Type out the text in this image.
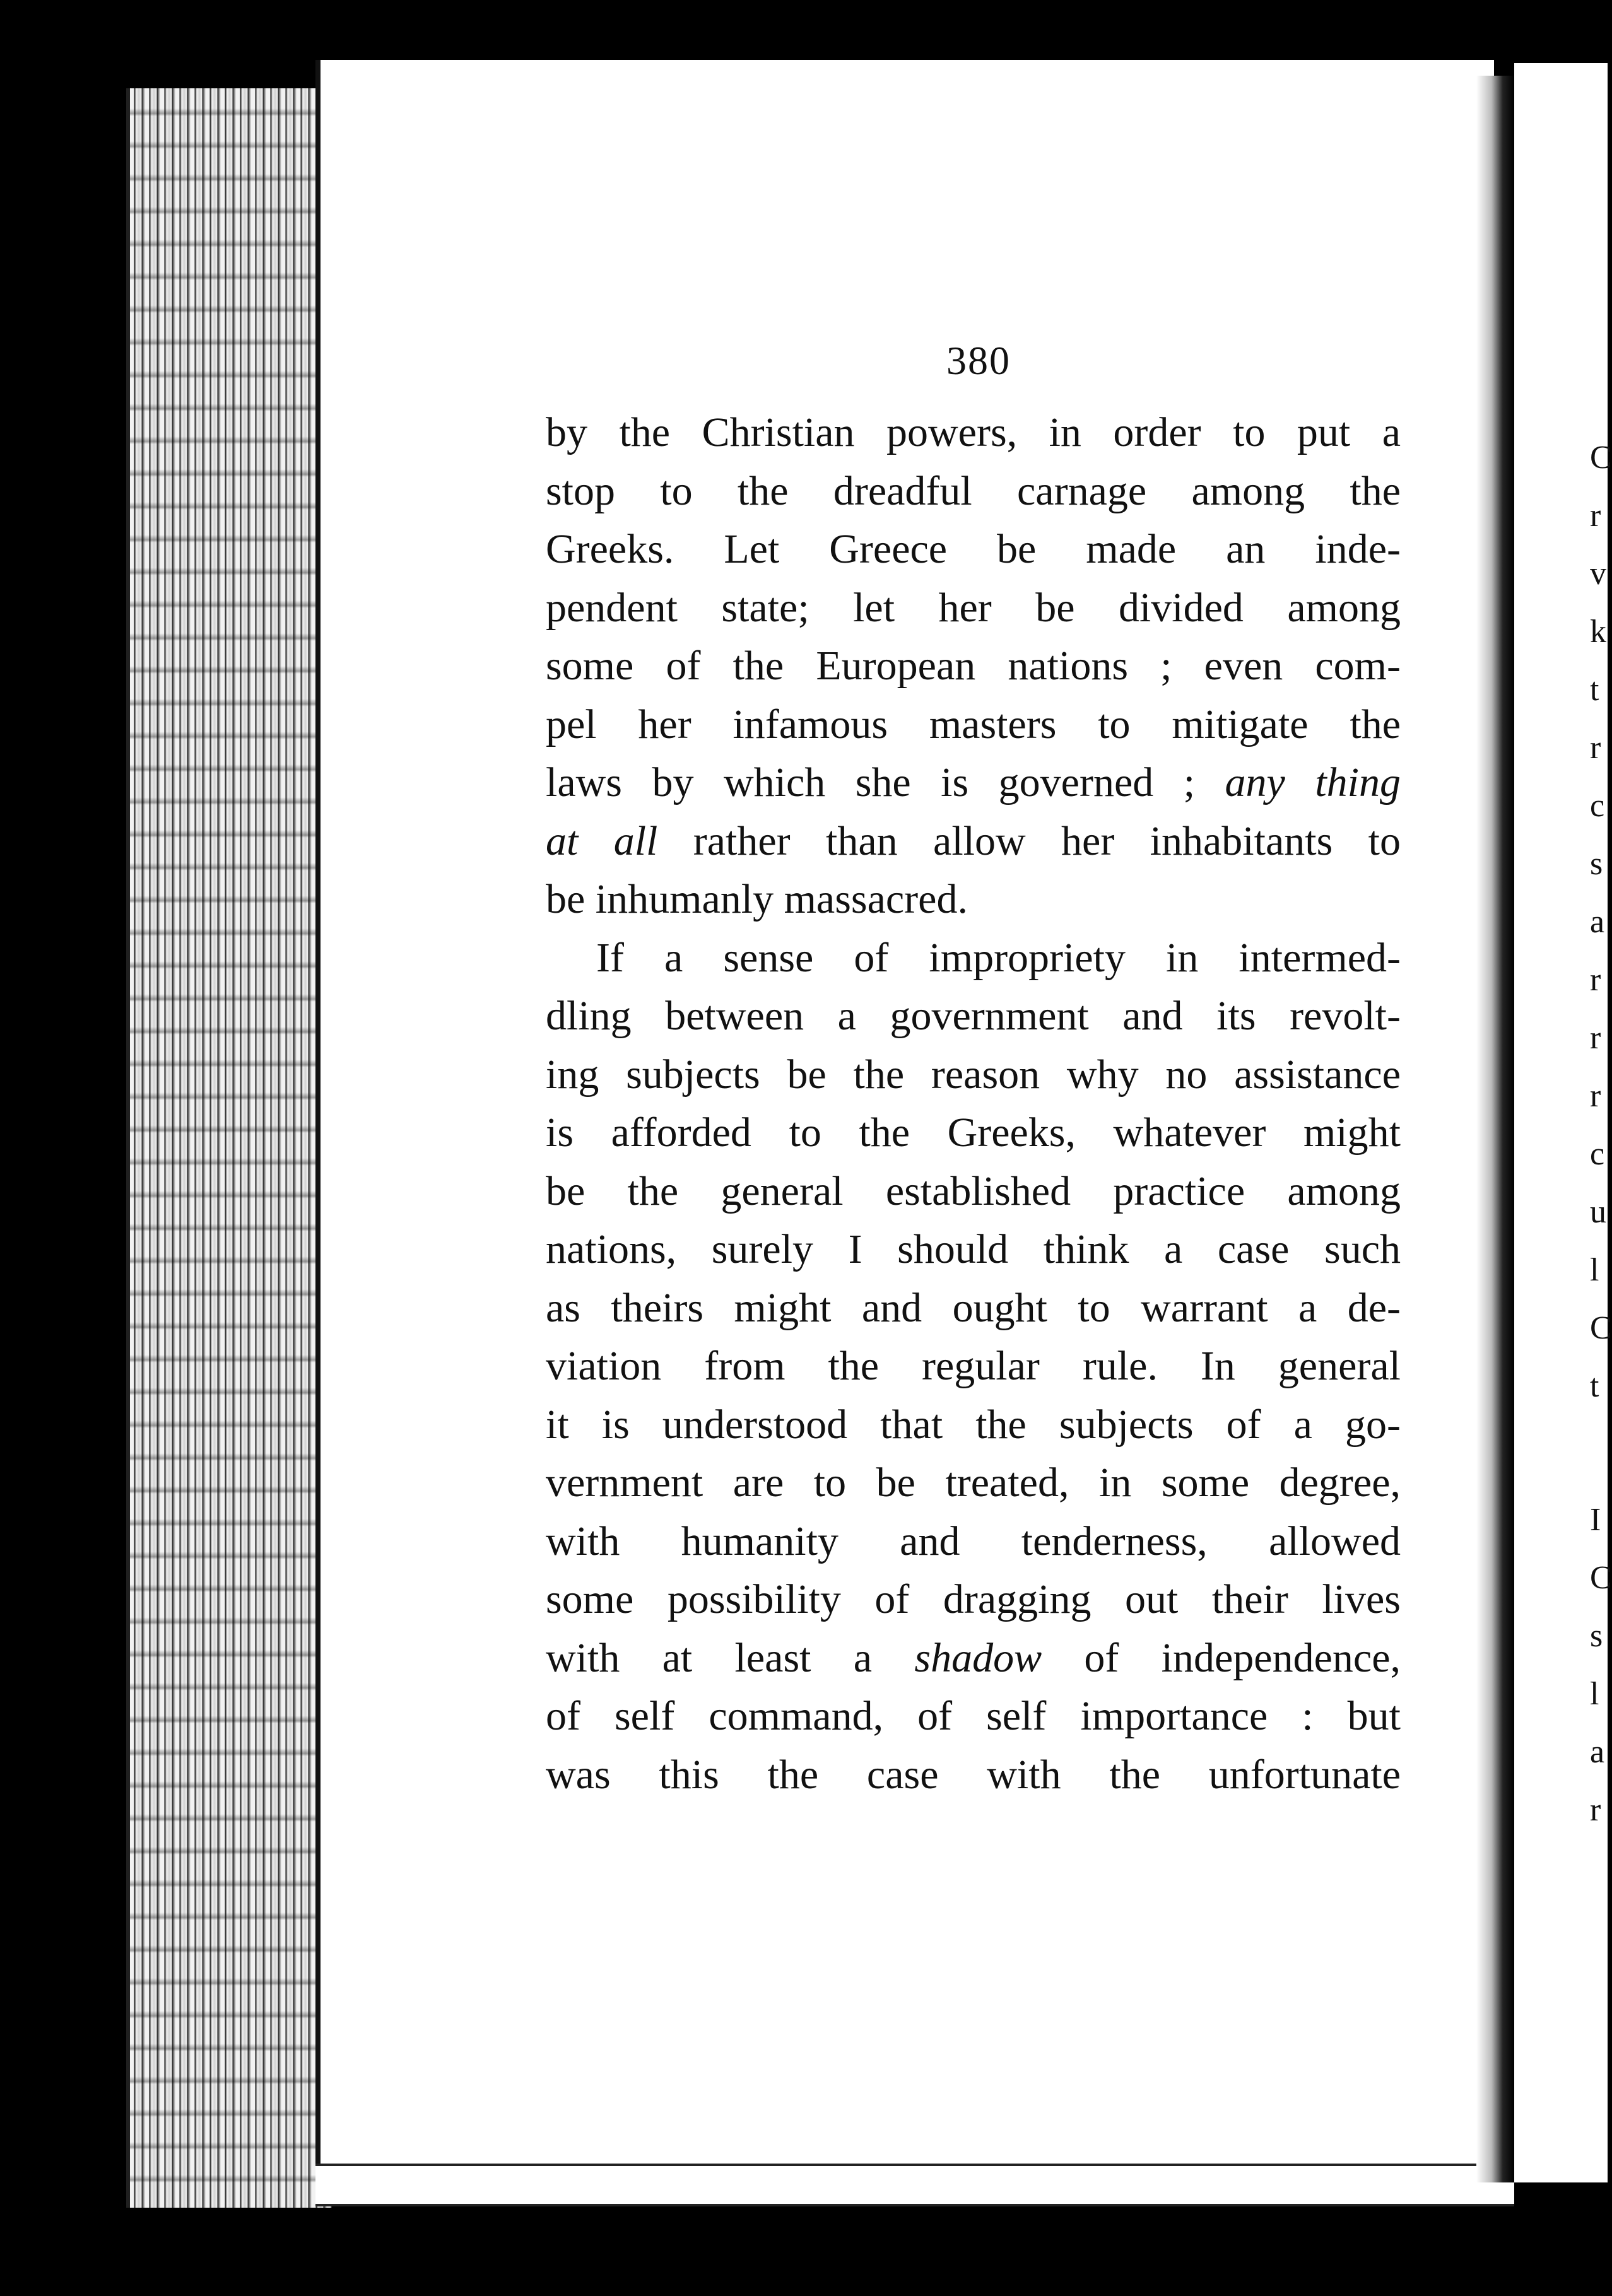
C
r
v
k
t
r
c
s
a
r
r
r
c
u
l
C
t
I
C
s
l
a
r
380
by the Christian powers, in order to put a
stop to the dreadful carnage among the
Greeks. Let Greece be made an inde-
pendent state; let her be divided among
some of the European nations ; even com-
pel her infamous masters to mitigate the
laws by which she is governed ; any thing
at all rather than allow her inhabitants to
be inhumanly massacred.
If a sense of impropriety in intermed-
dling between a government and its revolt-
ing subjects be the reason why no assistance
is afforded to the Greeks, whatever might
be the general established practice among
nations, surely I should think a case such
as theirs might and ought to warrant a de-
viation from the regular rule. In general
it is understood that the subjects of a go-
vernment are to be treated, in some degree,
with humanity and tenderness, allowed
some possibility of dragging out their lives
with at least a shadow of independence,
of self command, of self importance : but
was this the case with the unfortunate
